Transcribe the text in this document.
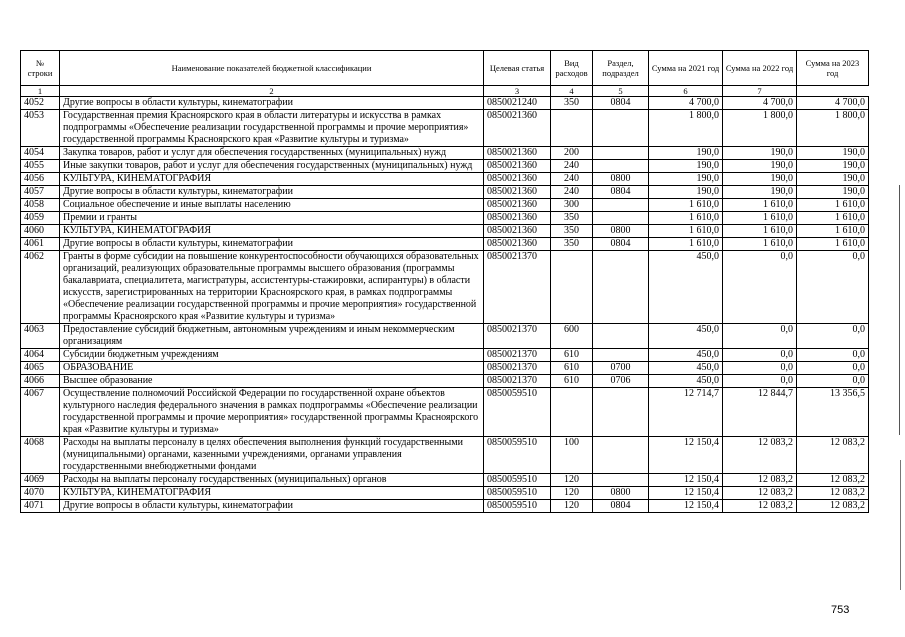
№ строки	Наименование показателей бюджетной классификации	Целевая статья	Вид расходов	Раздел, подраздел	Сумма на 2021 год	Сумма на 2022 год	Сумма на 2023 год
1	2	3	4	5	6	7	
4052	Другие вопросы в области культуры, кинематографии	0850021240	350	0804	4 700,0	4 700,0	4 700,0
4053	Государственная премия Красноярского края в области литературы и искусства в рамках подпрограммы «Обеспечение реализации государственной программы и прочие мероприятия» государственной программы Красноярского края «Развитие культуры и туризма»	0850021360			1 800,0	1 800,0	1 800,0
4054	Закупка товаров, работ и услуг для обеспечения государственных (муниципальных) нужд	0850021360	200		190,0	190,0	190,0
4055	Иные закупки товаров, работ и услуг для обеспечения государственных (муниципальных) нужд	0850021360	240		190,0	190,0	190,0
4056	КУЛЬТУРА, КИНЕМАТОГРАФИЯ	0850021360	240	0800	190,0	190,0	190,0
4057	Другие вопросы в области культуры, кинематографии	0850021360	240	0804	190,0	190,0	190,0
4058	Социальное обеспечение и иные выплаты населению	0850021360	300		1 610,0	1 610,0	1 610,0
4059	Премии и гранты	0850021360	350		1 610,0	1 610,0	1 610,0
4060	КУЛЬТУРА, КИНЕМАТОГРАФИЯ	0850021360	350	0800	1 610,0	1 610,0	1 610,0
4061	Другие вопросы в области культуры, кинематографии	0850021360	350	0804	1 610,0	1 610,0	1 610,0
4062	Гранты в форме субсидии на повышение конкурентоспособности обучающихся образовательных организаций, реализующих образовательные программы высшего образования (программы бакалавриата, специалитета, магистратуры, ассистентуры-стажировки, аспирантуры) в области искусств, зарегистрированных на территории Красноярского края, в рамках подпрограммы «Обеспечение реализации государственной программы и прочие мероприятия» государственной программы Красноярского края «Развитие культуры и туризма»	0850021370			450,0	0,0	0,0
4063	Предоставление субсидий бюджетным, автономным учреждениям и иным некоммерческим организациям	0850021370	600		450,0	0,0	0,0
4064	Субсидии бюджетным учреждениям	0850021370	610		450,0	0,0	0,0
4065	ОБРАЗОВАНИЕ	0850021370	610	0700	450,0	0,0	0,0
4066	Высшее образование	0850021370	610	0706	450,0	0,0	0,0
4067	Осуществление полномочий Российской Федерации по государственной охране объектов культурного наследия федерального значения в рамках подпрограммы «Обеспечение реализации государственной программы и прочие мероприятия» государственной программы Красноярского края «Развитие культуры и туризма»	0850059510			12 714,7	12 844,7	13 356,5
4068	Расходы на выплаты персоналу в целях обеспечения выполнения функций государственными (муниципальными) органами, казенными учреждениями, органами управления государственными внебюджетными фондами	0850059510	100		12 150,4	12 083,2	12 083,2
4069	Расходы на выплаты персоналу государственных (муниципальных) органов	0850059510	120		12 150,4	12 083,2	12 083,2
4070	КУЛЬТУРА, КИНЕМАТОГРАФИЯ	0850059510	120	0800	12 150,4	12 083,2	12 083,2
4071	Другие вопросы в области культуры, кинематографии	0850059510	120	0804	12 150,4	12 083,2	12 083,2
753
